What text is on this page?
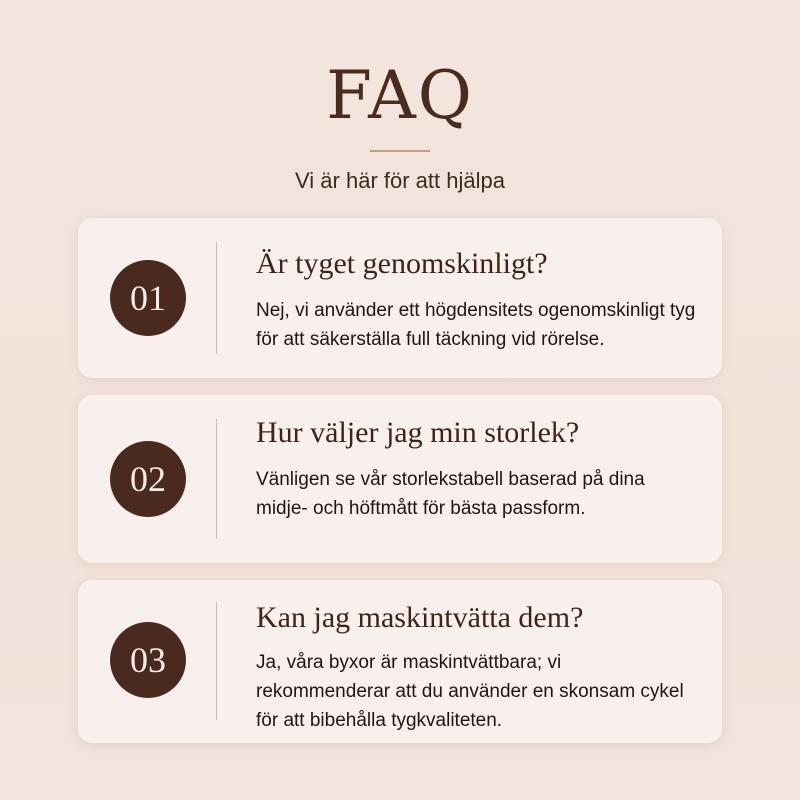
FAQ
Vi är här för att hjälpa
01
Är tyget genomskinligt?
Nej, vi använder ett högdensitets ogenomskinligt tyg för att säkerställa full täckning vid rörelse.
02
Hur väljer jag min storlek?
Vänligen se vår storlekstabell baserad på dina midje- och höftmått för bästa passform.
03
Kan jag maskintvätta dem?
Ja, våra byxor är maskintvättbara; vi rekommenderar att du använder en skonsam cykel för att bibehålla tygkvaliteten.
